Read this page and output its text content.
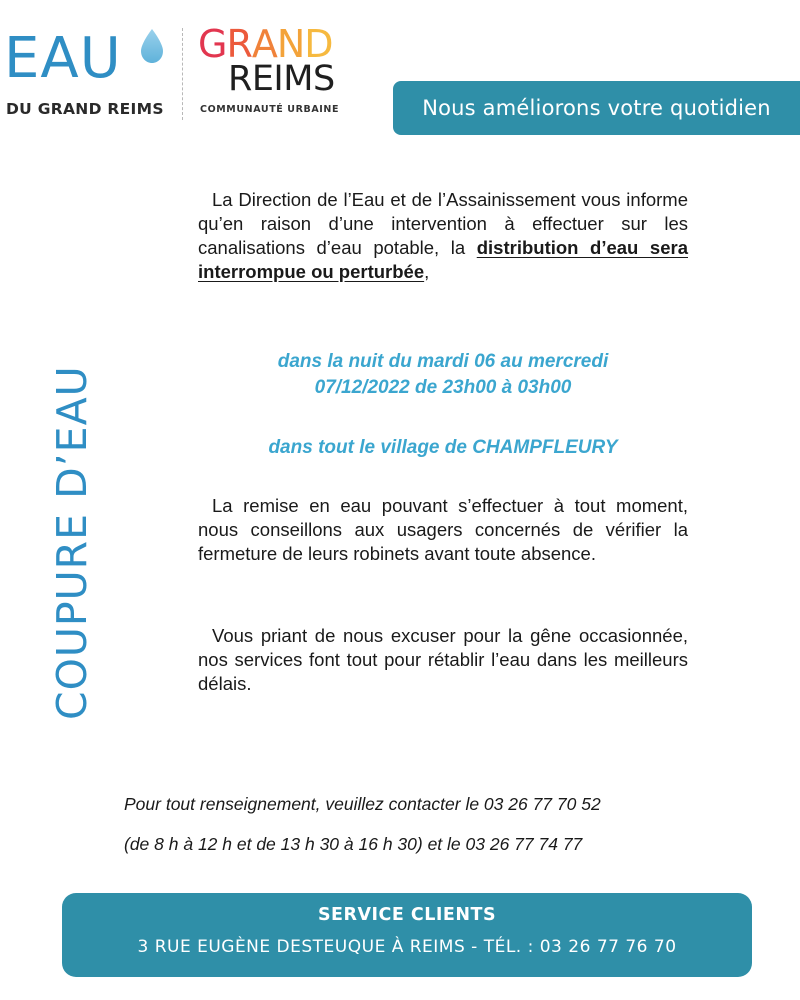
EAU
DU GRAND REIMS
GRAND
REIMS
COMMUNAUTÉ URBAINE	Nous améliorons votre quotidien
COUPURE D’EAU
La Direction de l’Eau et de l’Assainissement vous informe qu’en raison d’une intervention à effectuer sur les canalisations d’eau potable, la distribution d’eau sera interrompue ou perturbée,
dans la nuit du mardi 06 au mercredi
07/12/2022 de 23h00 à 03h00
dans tout le village de CHAMPFLEURY
La remise en eau pouvant s’effectuer à tout moment, nous conseillons aux usagers concernés de vérifier la fermeture de leurs robinets avant toute absence.
Vous priant de nous excuser pour la gêne occasionnée, nos services font tout pour rétablir l’eau dans les meilleurs délais.
Pour tout renseignement, veuillez contacter le 03 26 77 70 52
(de 8 h à 12 h et de 13 h 30 à 16 h 30) et le 03 26 77 74 77
SERVICE CLIENTS
3 RUE EUGÈNE DESTEUQUE À REIMS - TÉL. : 03 26 77 76 70
